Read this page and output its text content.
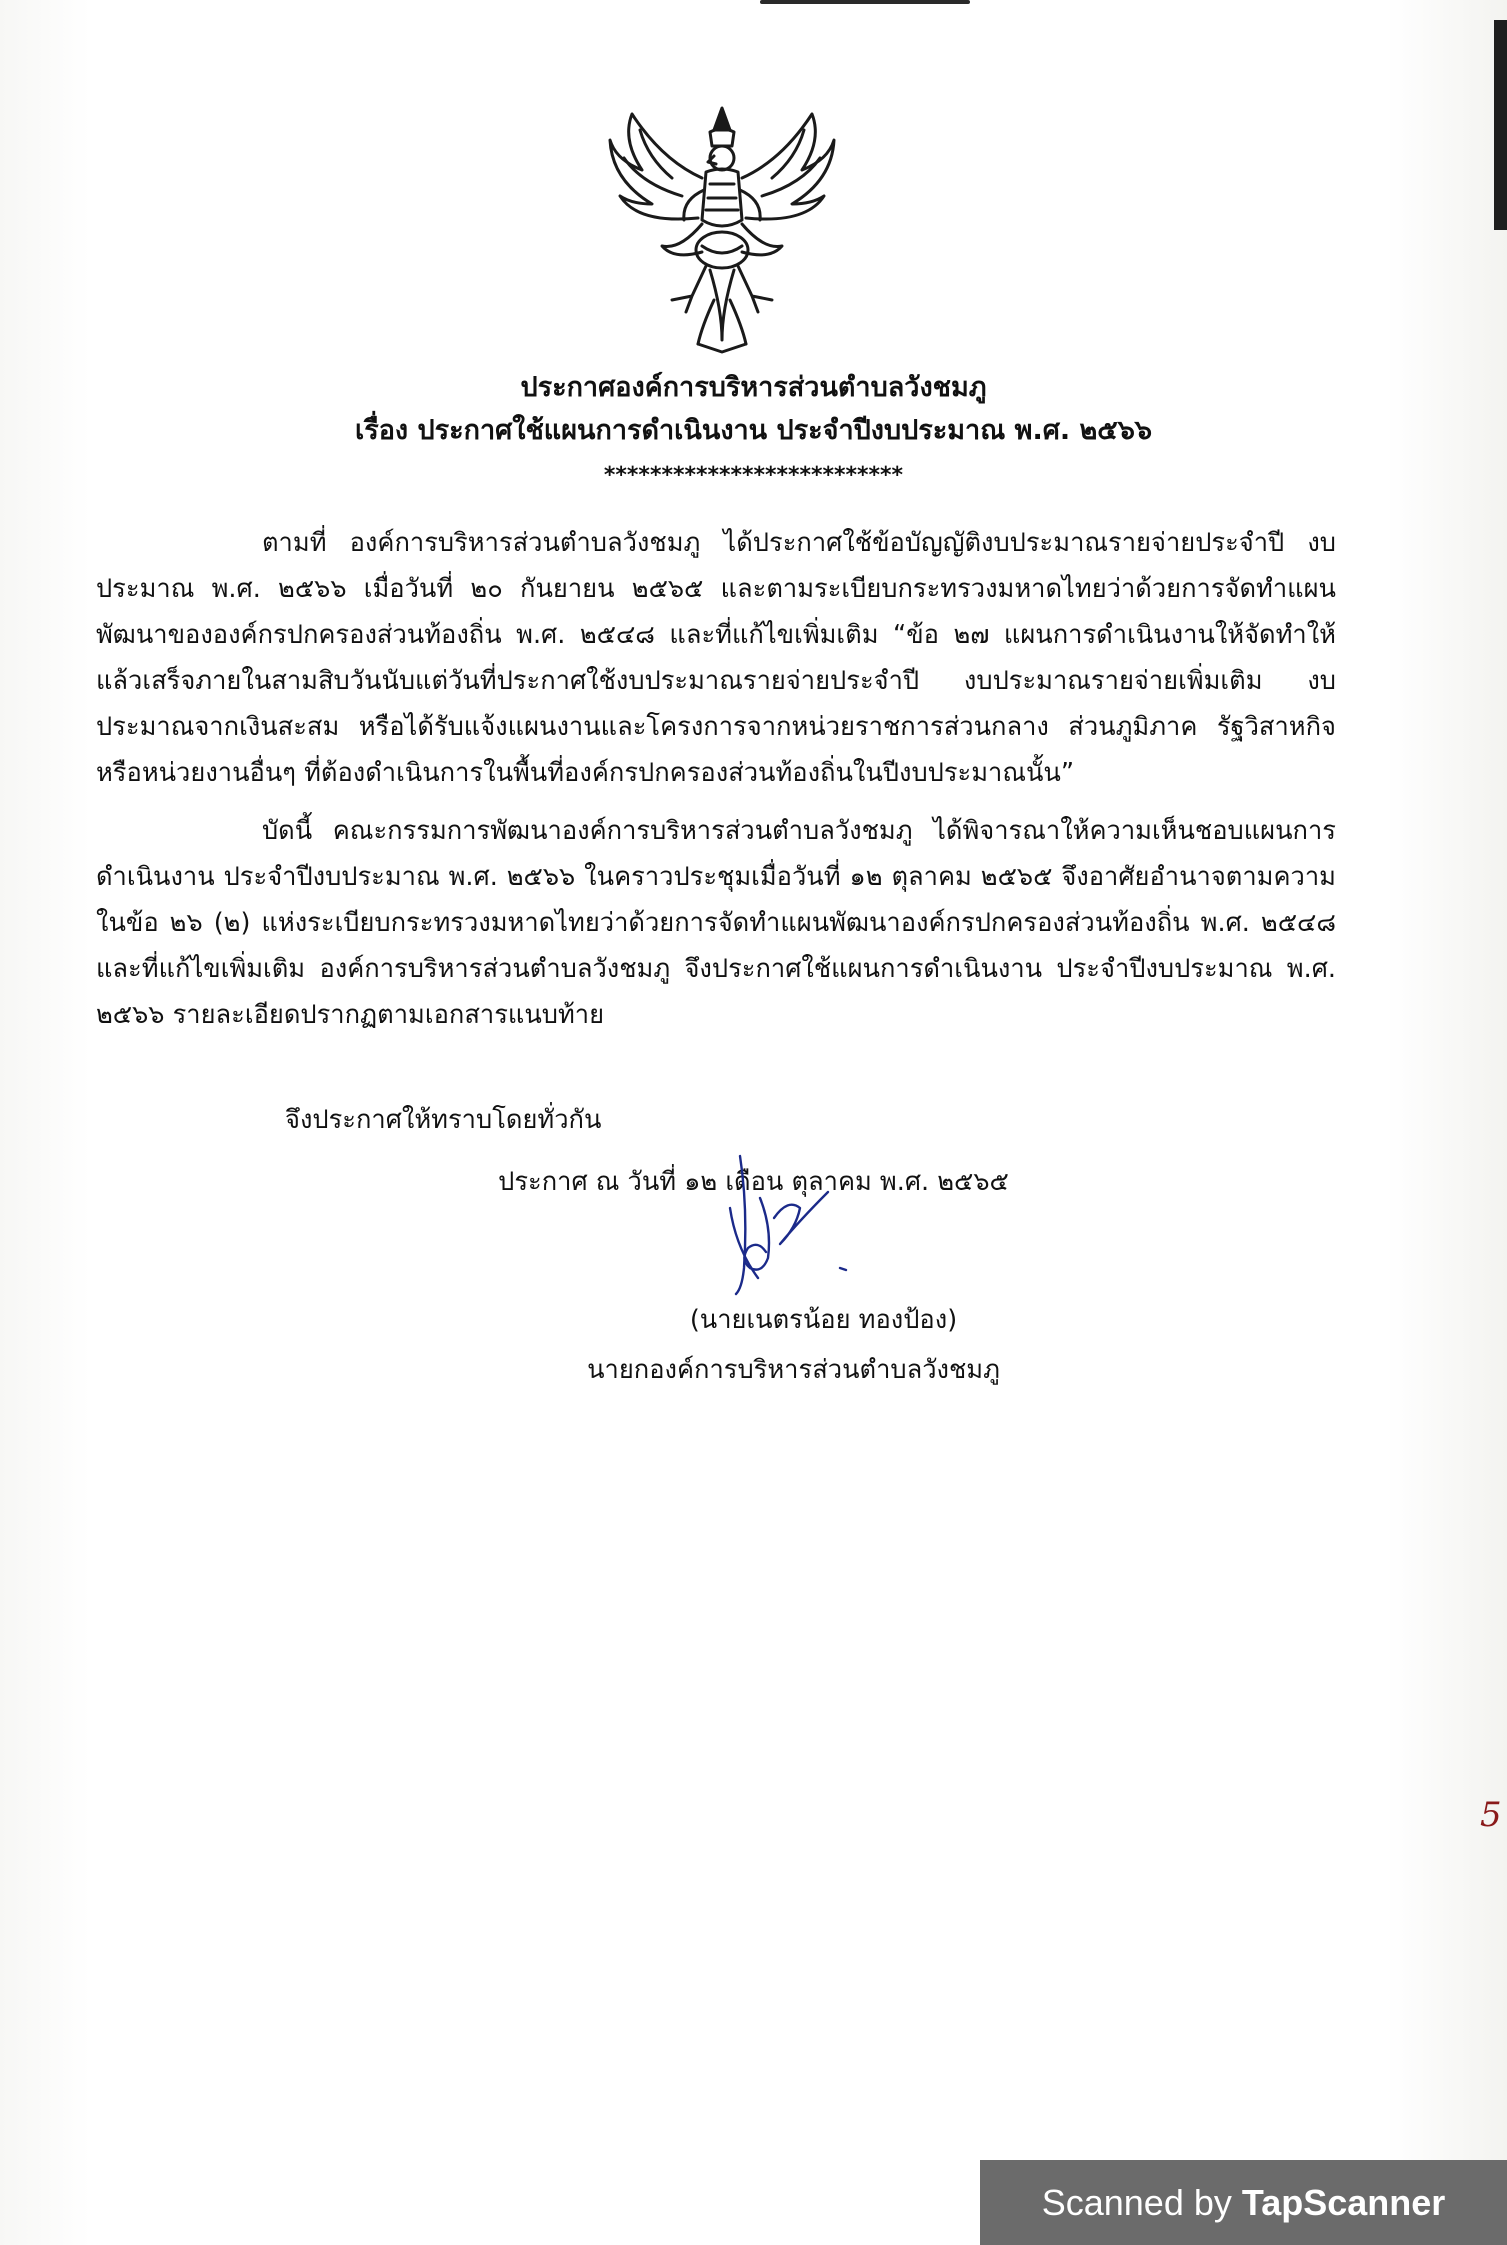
ประกาศองค์การบริหารส่วนตำบลวังชมภู
เรื่อง ประกาศใช้แผนการดำเนินงาน ประจำปีงบประมาณ พ.ศ. ๒๕๖๖
**************************
ตามที่ องค์การบริหารส่วนตำบลวังชมภู ได้ประกาศใช้ข้อบัญญัติงบประมาณรายจ่ายประจำปี งบประมาณ พ.ศ. ๒๕๖๖ เมื่อวันที่ ๒๐ กันยายน ๒๕๖๕ และตามระเบียบกระทรวงมหาดไทยว่าด้วยการจัดทำแผนพัฒนาขององค์กรปกครองส่วนท้องถิ่น พ.ศ. ๒๕๔๘ และที่แก้ไขเพิ่มเติม “ข้อ ๒๗ แผนการดำเนินงานให้จัดทำให้แล้วเสร็จภายในสามสิบวันนับแต่วันที่ประกาศใช้งบประมาณรายจ่ายประจำปี งบประมาณรายจ่ายเพิ่มเติม งบประมาณจากเงินสะสม หรือได้รับแจ้งแผนงานและโครงการจากหน่วยราชการส่วนกลาง ส่วนภูมิภาค รัฐวิสาหกิจหรือหน่วยงานอื่นๆ ที่ต้องดำเนินการในพื้นที่องค์กรปกครองส่วนท้องถิ่นในปีงบประมาณนั้น”
บัดนี้ คณะกรรมการพัฒนาองค์การบริหารส่วนตำบลวังชมภู ได้พิจารณาให้ความเห็นชอบแผนการดำเนินงาน ประจำปีงบประมาณ พ.ศ. ๒๕๖๖ ในคราวประชุมเมื่อวันที่ ๑๒ ตุลาคม ๒๕๖๕ จึงอาศัยอำนาจตามความในข้อ ๒๖ (๒) แห่งระเบียบกระทรวงมหาดไทยว่าด้วยการจัดทำแผนพัฒนาองค์กรปกครองส่วนท้องถิ่น พ.ศ. ๒๕๔๘ และที่แก้ไขเพิ่มเติม องค์การบริหารส่วนตำบลวังชมภู จึงประกาศใช้แผนการดำเนินงาน ประจำปีงบประมาณ พ.ศ. ๒๕๖๖ รายละเอียดปรากฏตามเอกสารแนบท้าย
จึงประกาศให้ทราบโดยทั่วกัน
ประกาศ ณ วันที่ ๑๒ เดือน ตุลาคม พ.ศ. ๒๕๖๕
(นายเนตรน้อย ทองป้อง)
นายกองค์การบริหารส่วนตำบลวังชมภู
5
Scanned by TapScanner
